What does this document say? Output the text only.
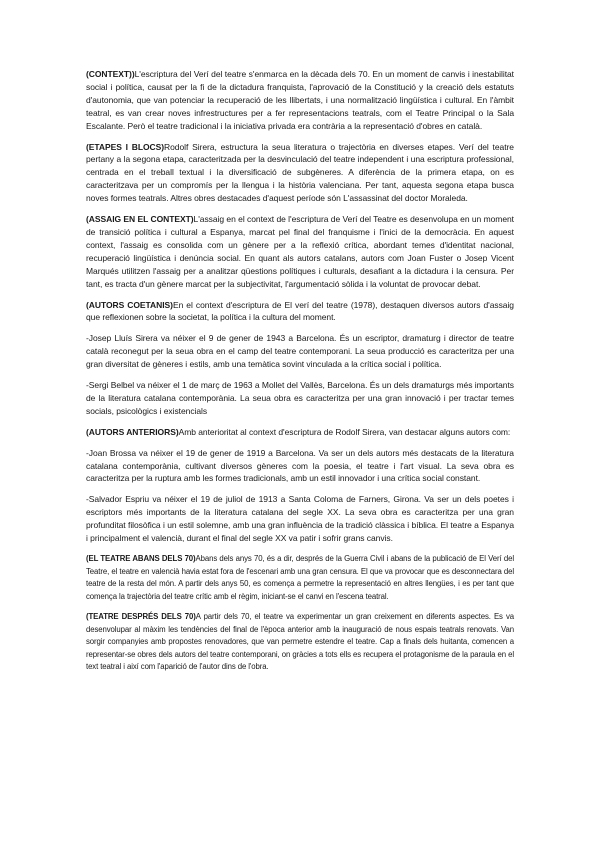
(CONTEXT))L'escriptura del Verí del teatre s'enmarca en la dècada dels 70. En un moment de canvis i inestabilitat social i política, causat per la fi de la dictadura franquista, l'aprovació de la Constitució y la creació dels estatuts d'autonomia, que van potenciar la recuperació de les llibertats, i una normalització lingüística i cultural. En l'àmbit teatral, es van crear noves infrestructures per a fer representacions teatrals, com el Teatre Principal o la Sala Escalante. Però el teatre tradicional i la iniciativa privada era contrària a la representació d'obres en català.

(ETAPES I BLOCS)Rodolf Sirera, estructura la seua literatura o trajectòria en diverses etapes. Verí del teatre pertany a la segona etapa, caracteritzada per la desvinculació del teatre independent i una escriptura professional, centrada en el treball textual i la diversificació de subgèneres. A diferència de la primera etapa, on es caracteritzava per un compromís per la llengua i la història valenciana. Per tant, aquesta segona etapa busca noves formes teatrals. Altres obres destacades d'aquest període són L'assassinat del doctor Moraleda.

(ASSAIG EN EL CONTEXT)L'assaig en el context de l'escriptura de Verí del Teatre es desenvolupa en un moment de transició política i cultural a Espanya, marcat pel final del franquisme i l'inici de la democràcia. En aquest context, l'assaig es consolida com un gènere per a la reflexió crítica, abordant temes d'identitat nacional, recuperació lingüística i denúncia social. En quant als autors catalans, autors com Joan Fuster o Josep Vicent Marqués utilitzen l'assaig per a analitzar qüestions polítiques i culturals, desafiant a la dictadura i la censura. Per tant, es tracta d'un gènere marcat per la subjectivitat, l'argumentació sòlida i la voluntat de provocar debat.

(AUTORS COETANIS)En el context d'escriptura de El verí del teatre (1978), destaquen diversos autors d'assaig que reflexionen sobre la societat, la política i la cultura del moment.

-Josep Lluís Sirera va néixer el 9 de gener de 1943 a Barcelona. És un escriptor, dramaturg i director de teatre català reconegut per la seua obra en el camp del teatre contemporani. La seua producció es caracteritza per una gran diversitat de gèneres i estils, amb una temàtica sovint vinculada a la crítica social i política.

-Sergi Belbel va néixer el 1 de març de 1963 a Mollet del Vallès, Barcelona. És un dels dramaturgs més importants de la literatura catalana contemporània. La seua obra es caracteritza per una gran innovació i per tractar temes socials, psicològics i existencials

(AUTORS ANTERIORS)Amb anterioritat al context d'escriptura de Rodolf Sirera, van destacar alguns autors com:

-Joan Brossa va néixer el 19 de gener de 1919 a Barcelona. Va ser un dels autors més destacats de la literatura catalana contemporània, cultivant diversos gèneres com la poesia, el teatre i l'art visual. La seva obra es caracteritza per la ruptura amb les formes tradicionals, amb un estil innovador i una crítica social constant.

-Salvador Espriu va néixer el 19 de juliol de 1913 a Santa Coloma de Farners, Girona. Va ser un dels poetes i escriptors més importants de la literatura catalana del segle XX. La seva obra es caracteritza per una gran profunditat filosòfica i un estil solemne, amb una gran influència de la tradició clàssica i bíblica. El teatre a Espanya i principalment el valencià, durant el final del segle XX va patir i sofrir grans canvis.

(EL TEATRE ABANS DELS 70)Abans dels anys 70, és a dir, després de la Guerra Civil i abans de la publicació de El Verí del Teatre, el teatre en valencià havia estat fora de l'escenari amb una gran censura. El que va provocar que es desconnectara del teatre de la resta del món. A partir dels anys 50, es comença a permetre la representació en altres llengües, i es per tant que comença la trajectòria del teatre crític amb el règim, iniciant-se el canvi en l'escena teatral.

(TEATRE DESPRÉS DELS 70)A partir dels 70, el teatre va experimentar un gran creixement en diferents aspectes. Es va desenvolupar al màxim les tendències del final de l'època anterior amb la inauguració de nous espais teatrals renovats. Van sorgir companyies amb propostes renovadores, que van permetre estendre el teatre. Cap a finals dels huitanta, comencen a representar-se obres dels autors del teatre contemporani, on gràcies a tots ells es recupera el protagonisme de la paraula en el text teatral i així com l'aparició de l'autor dins de l'obra.
